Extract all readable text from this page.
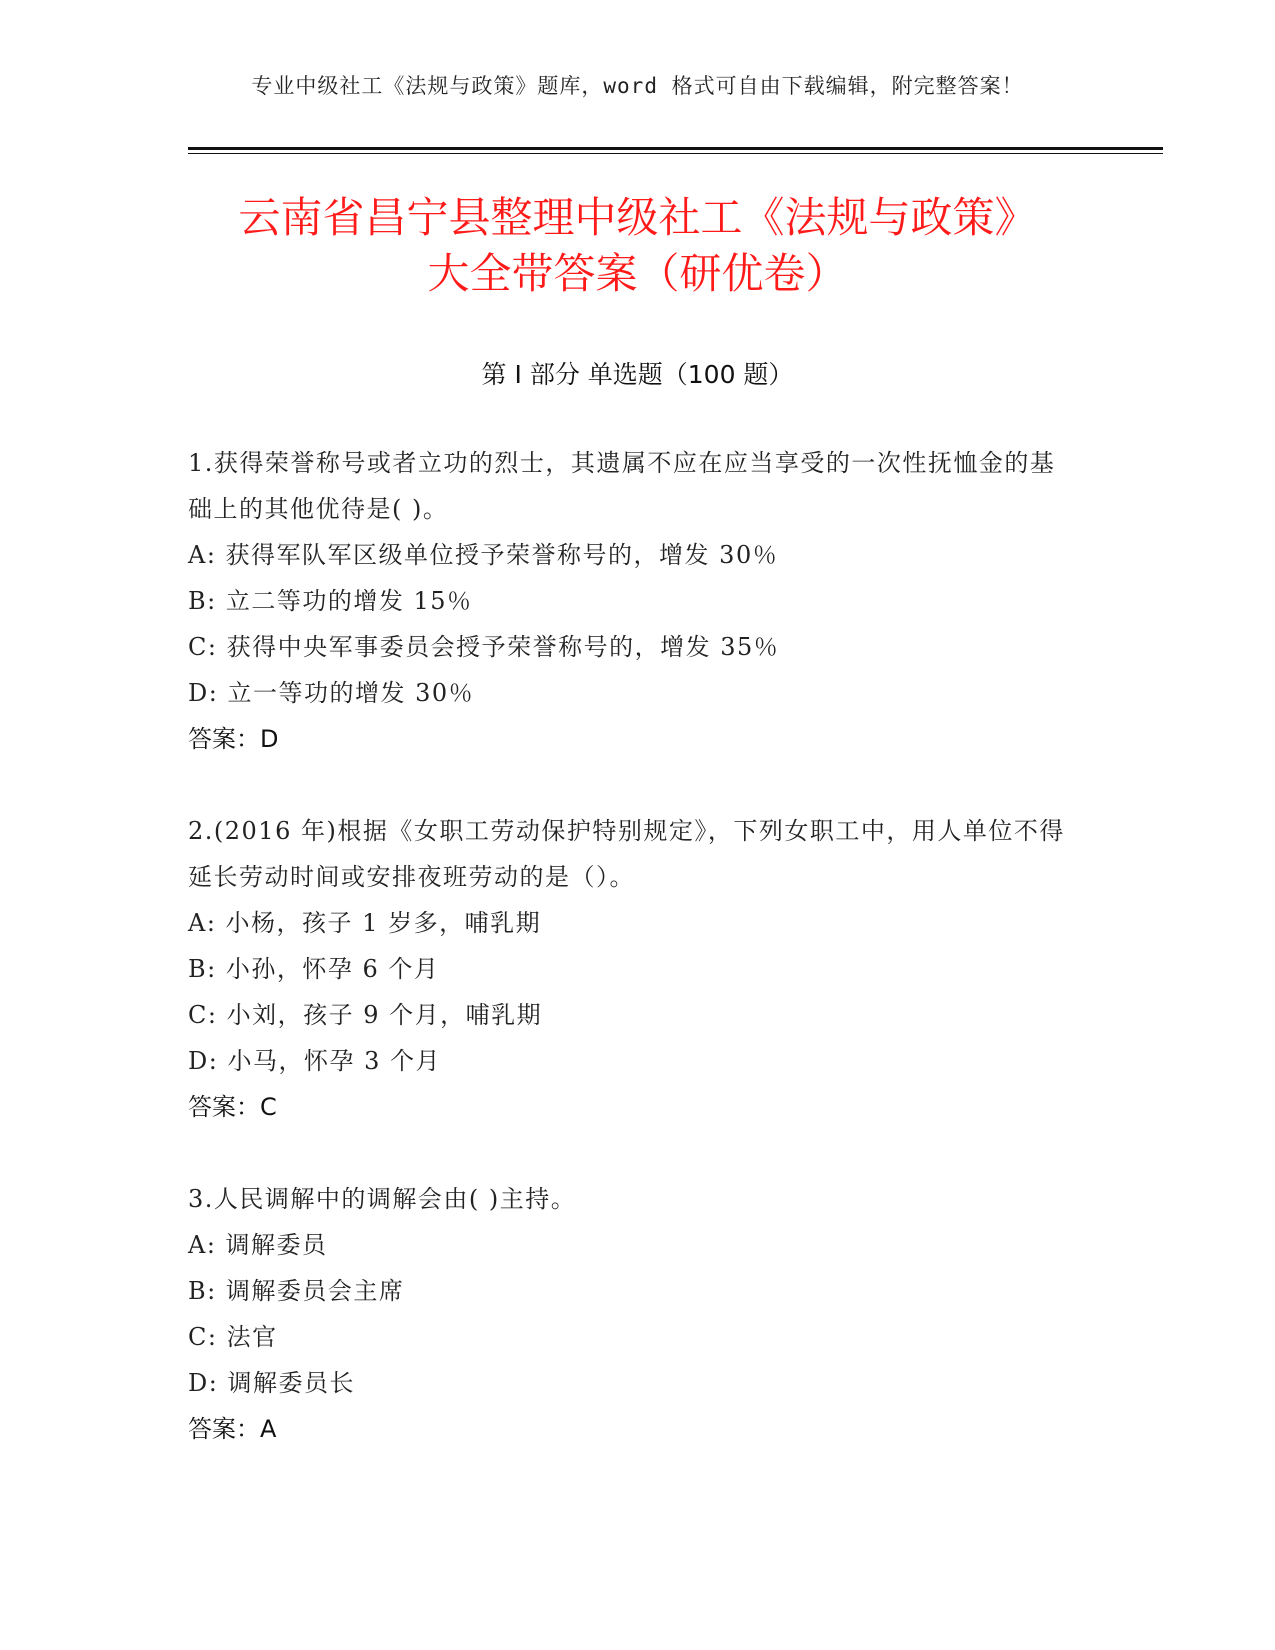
专业中级社工《法规与政策》题库，word 格式可自由下载编辑，附完整答案！
云南省昌宁县整理中级社工《法规与政策》
大全带答案（研优卷）
第 I 部分 单选题（100 题）

1.获得荣誉称号或者立功的烈士，其遗属不应在应当享受的一次性抚恤金的基础上的其他优待是( )。

A: 获得军队军区级单位授予荣誉称号的，增发 30％

B: 立二等功的增发 15％

C: 获得中央军事委员会授予荣誉称号的，增发 35％

D: 立一等功的增发 30％

答案：D

2.(2016 年)根据《女职工劳动保护特别规定》，下列女职工中，用人单位不得延长劳动时间或安排夜班劳动的是（）。

A: 小杨，孩子 1 岁多，哺乳期

B: 小孙，怀孕 6 个月

C: 小刘，孩子 9 个月，哺乳期

D: 小马，怀孕 3 个月

答案：C

3.人民调解中的调解会由( )主持。

A: 调解委员

B: 调解委员会主席

C: 法官

D: 调解委员长

答案：A
